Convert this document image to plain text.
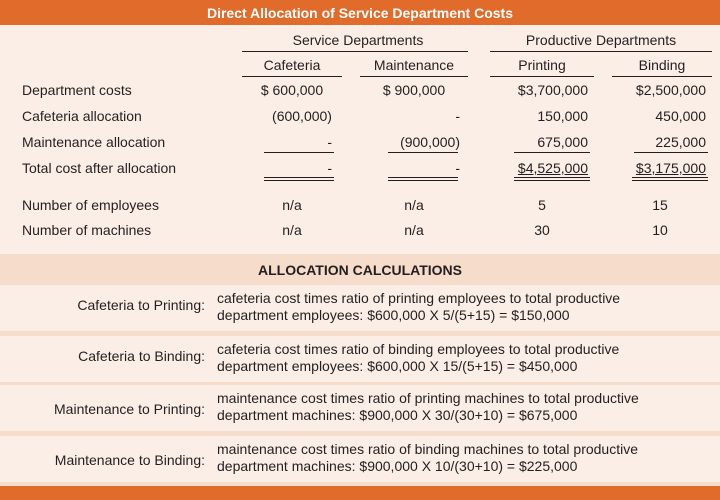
Direct Allocation of Service Department Costs
Service Departments	Productive Departments
Cafeteria	Maintenance	Printing	Binding
Department costs	$ 600,000	$ 900,000	$3,700,000	$2,500,000
Cafeteria allocation	(600,000)	-	150,000	450,000
Maintenance allocation	-	(900,000)	675,000	225,000
Total cost after allocation	-	-	$4,525,000	$3,175,000
Number of employees	n/a	n/a	5	15
Number of machines	n/a	n/a	30	10
ALLOCATION CALCULATIONS
Cafeteria to Printing: cafeteria cost times ratio of printing employees to total productive
department employees: $600,000 X 5/(5+15) = $150,000
Cafeteria to Binding: cafeteria cost times ratio of binding employees to total productive
department employees: $600,000 X 15/(5+15) = $450,000
Maintenance to Printing:
maintenance cost times ratio of printing machines to total productive
department machines: $900,000 X 30/(30+10) = $675,000
Maintenance to Binding:
maintenance cost times ratio of binding machines to total productive
department machines: $900,000 X 10/(30+10) = $225,000
